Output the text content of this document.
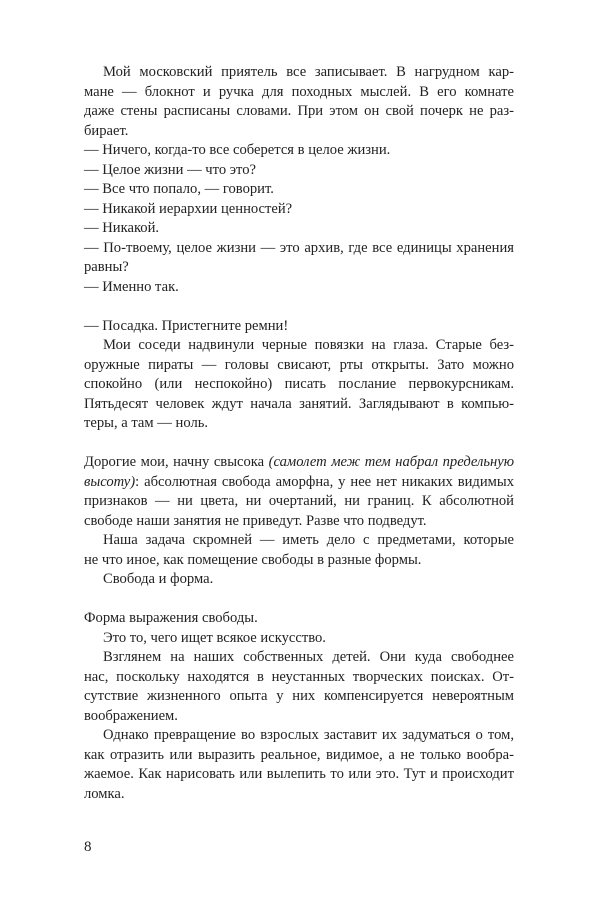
Мой московский приятель все записывает. В нагрудном кар-
мане — блокнот и ручка для походных мыслей. В его комнате
даже стены расписаны словами. При этом он свой почерк не раз-
бирает.
— Ничего, когда-то все соберется в целое жизни.
— Целое жизни — что это?
— Все что попало, — говорит.
— Никакой иерархии ценностей?
— Никакой.
— По-твоему, целое жизни — это архив, где все единицы хранения
равны?
— Именно так.
— Посадка. Пристегните ремни!
Мои соседи надвинули черные повязки на глаза. Старые без-
оружные пираты — головы свисают, рты открыты. Зато можно
спокойно (или неспокойно) писать послание первокурсникам.
Пятьдесят человек ждут начала занятий. Заглядывают в компью-
теры, а там — ноль.
Дорогие мои, начну свысока (самолет меж тем набрал предельную
высоту): абсолютная свобода аморфна, у нее нет никаких видимых
признаков — ни цвета, ни очертаний, ни границ. К абсолютной
свободе наши занятия не приведут. Разве что подведут.
Наша задача скромней — иметь дело с предметами, которые
не что иное, как помещение свободы в разные формы.
Свобода и форма.
Форма выражения свободы.
Это то, чего ищет всякое искусство.
Взглянем на наших собственных детей. Они куда свободнее
нас, поскольку находятся в неустанных творческих поисках. От-
сутствие жизненного опыта у них компенсируется невероятным
воображением.
Однако превращение во взрослых заставит их задуматься о том,
как отразить или выразить реальное, видимое, а не только вообра-
жаемое. Как нарисовать или вылепить то или это. Тут и происходит
ломка.
8
